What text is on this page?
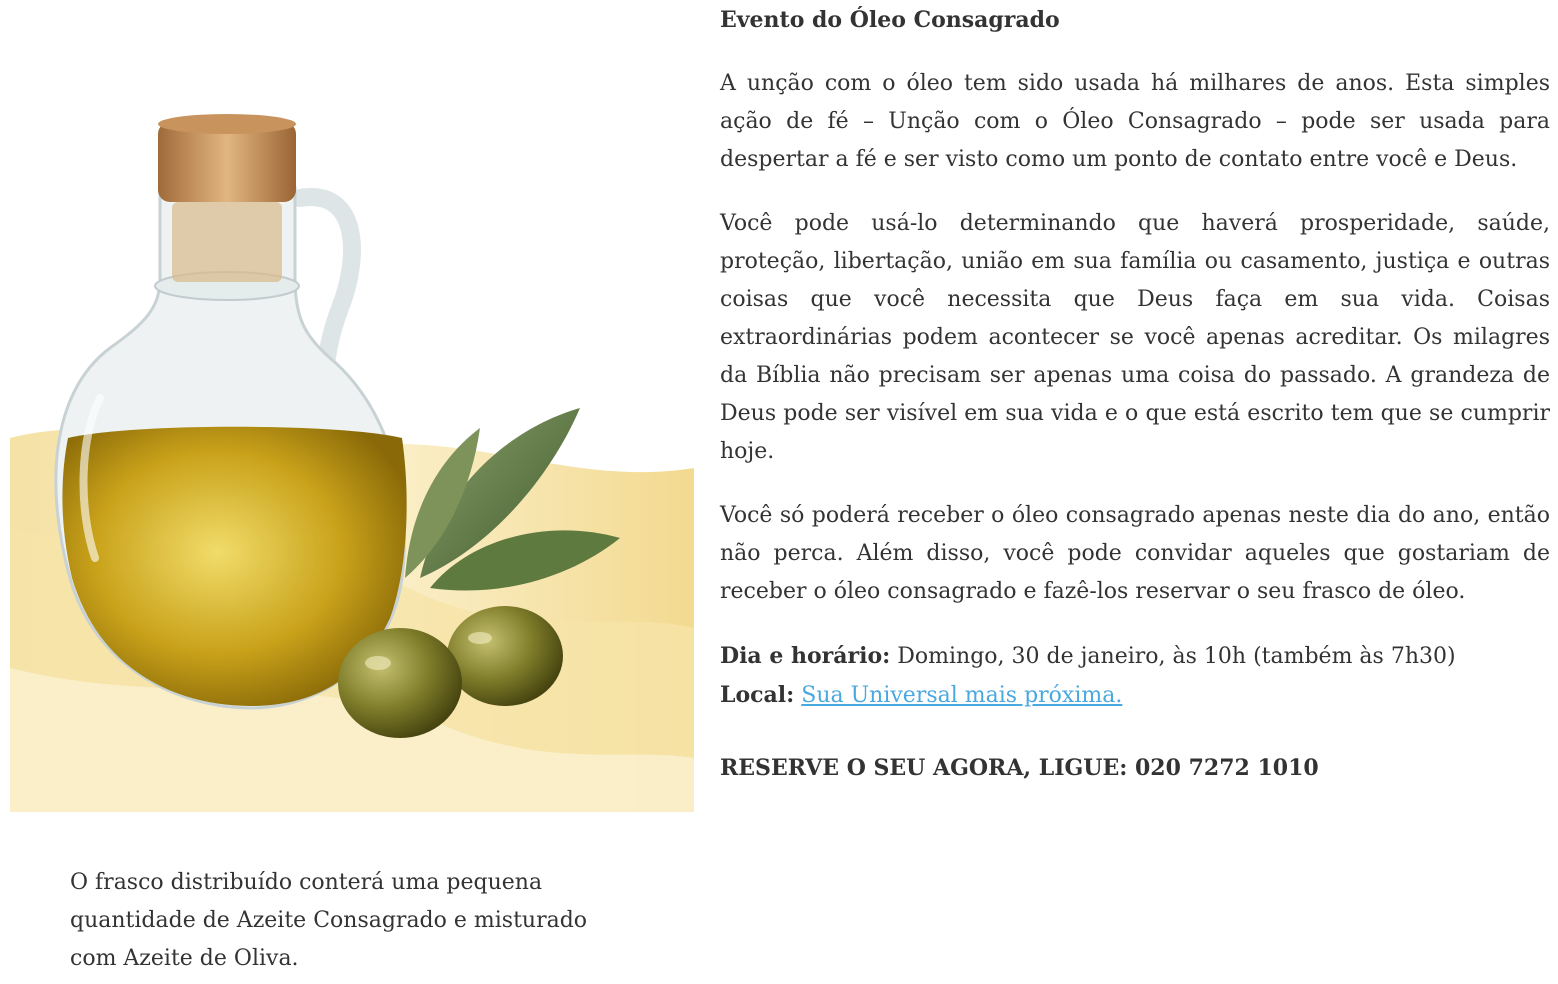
O frasco distribuído conterá uma pequena quantidade de Azeite Consagrado e misturado com Azeite de Oliva.

Evento do Óleo Consagrado

A unção com o óleo tem sido usada há milhares de anos. Esta simples ação de fé – Unção com o Óleo Consagrado – pode ser usada para despertar a fé e ser visto como um ponto de contato entre você e Deus.

Você pode usá-lo determinando que haverá prosperidade, saúde, proteção, libertação, união em sua família ou casamento, justiça e outras coisas que você necessita que Deus faça em sua vida. Coisas extraordinárias podem acontecer se você apenas acreditar. Os milagres da Bíblia não precisam ser apenas uma coisa do passado. A grandeza de Deus pode ser visível em sua vida e o que está escrito tem que se cumprir hoje.

Você só poderá receber o óleo consagrado apenas neste dia do ano, então não perca. Além disso, você pode convidar aqueles que gostariam de receber o óleo consagrado e fazê-los reservar o seu frasco de óleo.

Dia e horário: Domingo, 30 de janeiro, às 10h (também às 7h30)
Local: Sua Universal mais próxima.
RESERVE O SEU AGORA, LIGUE: 020 7272 1010
